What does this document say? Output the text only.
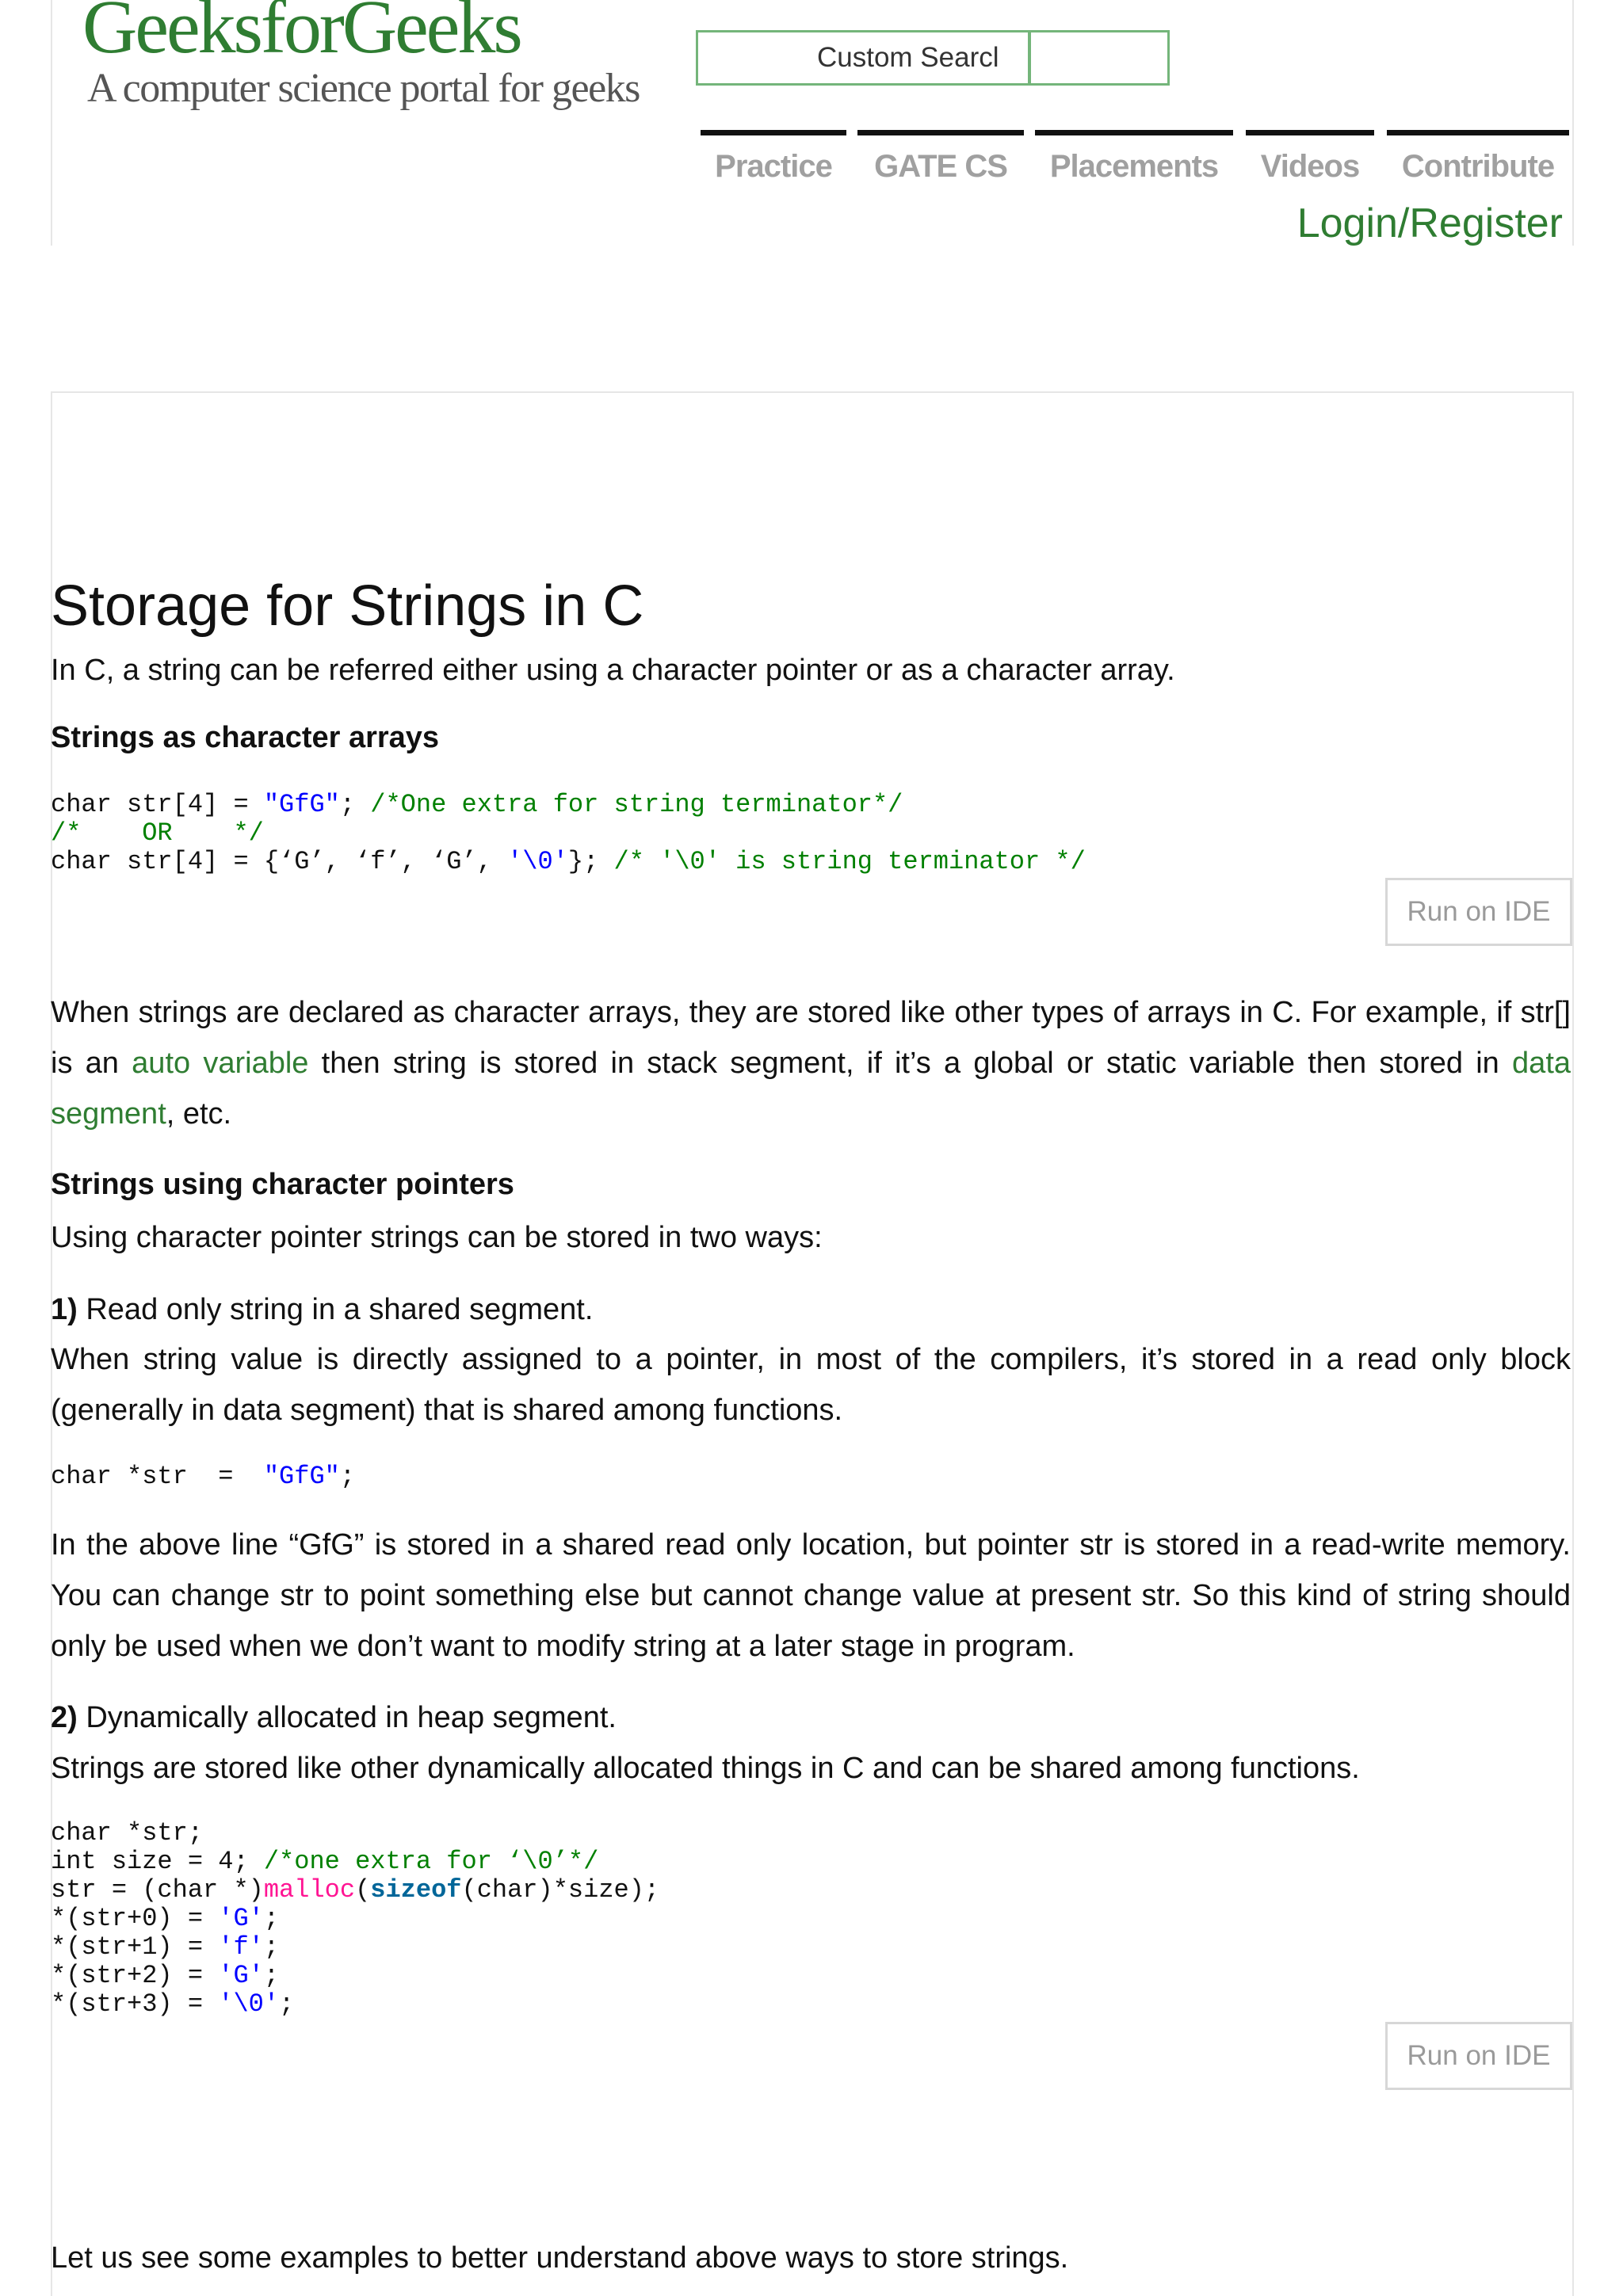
GeeksforGeeks
A computer science portal for geeks
Custom Searcl
Practice	GATE CS	Placements	Videos	Contribute
Login/Register
Storage for Strings in C

In C, a string can be referred either using a character pointer or as a character array.

Strings as character arrays
char str[4] = "GfG"; /*One extra for string terminator*/
/*    OR    */
char str[4] = {‘G’, ‘f’, ‘G’, '\0'}; /* '\0' is string terminator */
Run on IDE

When strings are declared as character arrays, they are stored like other types of arrays in C. For example, if str[] is an auto variable then string is stored in stack segment, if it’s a global or static variable then stored in data segment, etc.

Strings using character pointers

Using character pointer strings can be stored in two ways:

1) Read only string in a shared segment.

When string value is directly assigned to a pointer, in most of the compilers, it’s stored in a read only block (generally in data segment) that is shared among functions.

char *str  =  "GfG";

In the above line “GfG” is stored in a shared read only location, but pointer str is stored in a read-write memory. You can change str to point something else but cannot change value at present str. So this kind of string should only be used when we don’t want to modify string at a later stage in program.

2) Dynamically allocated in heap segment.

Strings are stored like other dynamically allocated things in C and can be shared among functions.

char *str;
int size = 4; /*one extra for ‘\0’*/
str = (char *)malloc(sizeof(char)*size);
*(str+0) = 'G';
*(str+1) = 'f';
*(str+2) = 'G';
*(str+3) = '\0';
Run on IDE

Let us see some examples to better understand above ways to store strings.
